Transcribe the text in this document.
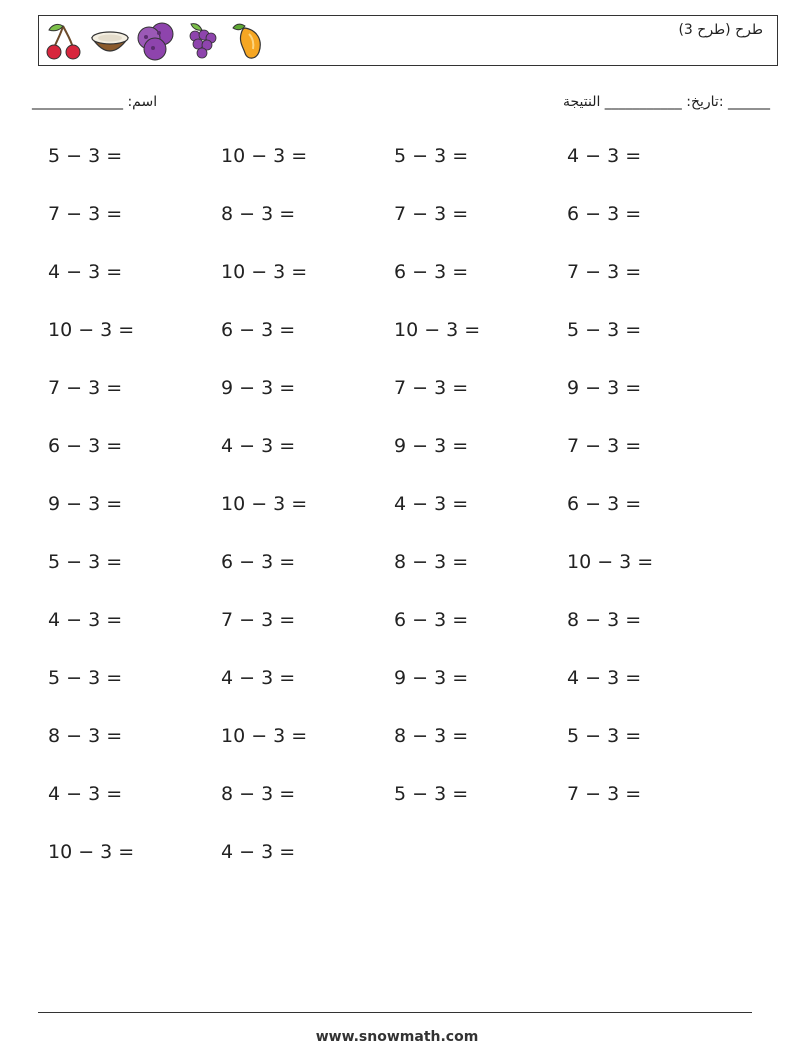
طرح (طرح 3)
______ :تاريخ: ___________ النتيجة
اسم: _____________
5 − 3 =	10 − 3 =	5 − 3 =	4 − 3 =
7 − 3 =	8 − 3 =	7 − 3 =	6 − 3 =
4 − 3 =	10 − 3 =	6 − 3 =	7 − 3 =
10 − 3 =	6 − 3 =	10 − 3 =	5 − 3 =
7 − 3 =	9 − 3 =	7 − 3 =	9 − 3 =
6 − 3 =	4 − 3 =	9 − 3 =	7 − 3 =
9 − 3 =	10 − 3 =	4 − 3 =	6 − 3 =
5 − 3 =	6 − 3 =	8 − 3 =	10 − 3 =
4 − 3 =	7 − 3 =	6 − 3 =	8 − 3 =
5 − 3 =	4 − 3 =	9 − 3 =	4 − 3 =
8 − 3 =	10 − 3 =	8 − 3 =	5 − 3 =
4 − 3 =	8 − 3 =	5 − 3 =	7 − 3 =
10 − 3 =	4 − 3 =
www.snowmath.com
